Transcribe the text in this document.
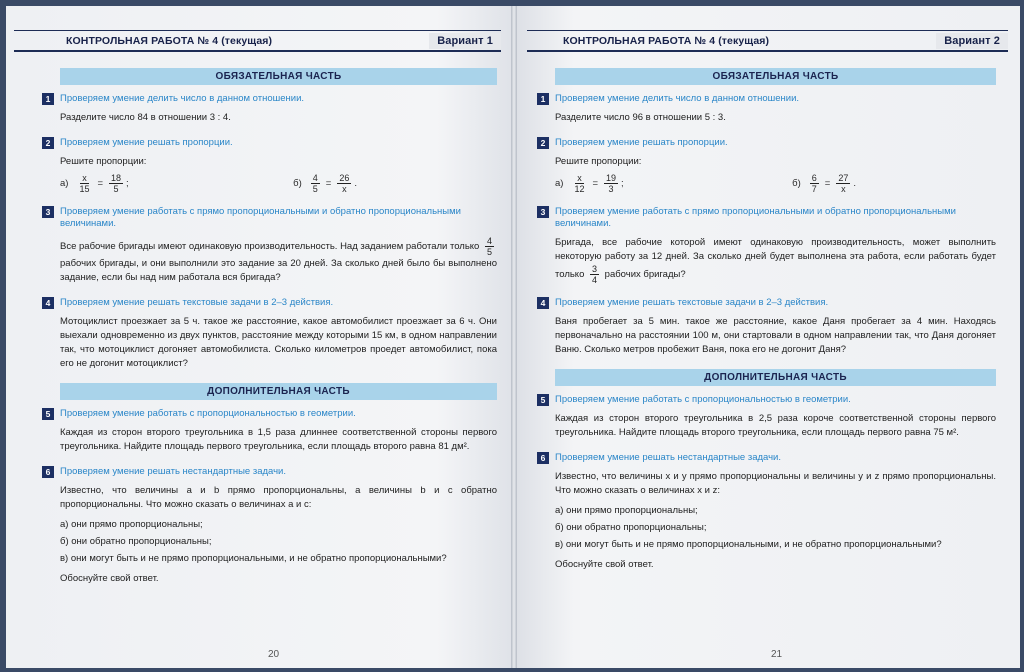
КОНТРОЛЬНАЯ РАБОТА № 4 (текущая)	Вариант 1
ОБЯЗАТЕЛЬНАЯ ЧАСТЬ
1	Проверяем умение делить число в данном отношении.
Разделите число 84 в отношении 3 : 4.
2	Проверяем умение решать пропорции.
Решите пропорции:
$а) \frac{x}{15} = \frac{18}{5}$ ;	$б) \frac{4}{5} = \frac{26}{x}$ .
3	Проверяем умение работать с прямо пропорциональными и обратно пропорциональными величинами.
Все рабочие бригады имеют одинаковую производительность. Над заданием работали только $\frac{4}{5}$
рабочих бригады, и они выполнили это задание за 20 дней. За сколько дней было бы выполнено задание, если бы над ним работала вся бригада?
4	Проверяем умение решать текстовые задачи в 2–3 действия.
Мотоциклист проезжает за 5 ч. такое же расстояние, какое автомобилист проезжает за 6 ч. Они выехали одновременно из двух пунктов, расстояние между которыми 15 км, в одном направлении так, что мотоциклист догоняет автомобилиста. Сколько километров проедет автомобилист, пока его не догонит мотоциклист?
ДОПОЛНИТЕЛЬНАЯ ЧАСТЬ
5	Проверяем умение работать с пропорциональностью в геометрии.
Каждая из сторон второго треугольника в 1,5 раза длиннее соответственной стороны первого треугольника. Найдите площадь первого треугольника, если площадь второго равна 81 дм².
6	Проверяем умение решать нестандартные задачи.
Известно, что величины a и b прямо пропорциональны, а величины b и c обратно пропорциональны. Что можно сказать о величинах a и c:
а) они прямо пропорциональны;
б) они обратно пропорциональны;
в) они могут быть и не прямо пропорциональными, и не обратно пропорциональными?
Обоснуйте свой ответ.
20
КОНТРОЛЬНАЯ РАБОТА № 4 (текущая)	Вариант 2
ОБЯЗАТЕЛЬНАЯ ЧАСТЬ
1	Проверяем умение делить число в данном отношении.
Разделите число 96 в отношении 5 : 3.
2	Проверяем умение решать пропорции.
Решите пропорции:
$а) \frac{x}{12} = \frac{19}{3}$ ;	$б) \frac{6}{7} = \frac{27}{x}$ .
3	Проверяем умение работать с прямо пропорциональными и обратно пропорциональными величинами.
Бригада, все рабочие которой имеют одинаковую производительность, может выполнить некоторую работу за 12 дней. За сколько дней будет выполнена эта работа, если работать будет только $\frac{3}{4}$ рабочих бригады?
4	Проверяем умение решать текстовые задачи в 2–3 действия.
Ваня пробегает за 5 мин. такое же расстояние, какое Даня пробегает за 4 мин. Находясь первоначально на расстоянии 100 м, они стартовали в одном направлении так, что Даня догоняет Ваню. Сколько метров пробежит Ваня, пока его не догонит Даня?
ДОПОЛНИТЕЛЬНАЯ ЧАСТЬ
5	Проверяем умение работать с пропорциональностью в геометрии.
Каждая из сторон второго треугольника в 2,5 раза короче соответственной стороны первого треугольника. Найдите площадь второго треугольника, если площадь первого равна 75 м².
6	Проверяем умение решать нестандартные задачи.
Известно, что величины x и y прямо пропорциональны и величины y и z прямо пропорциональны. Что можно сказать о величинах x и z:
а) они прямо пропорциональны;
б) они обратно пропорциональны;
в) они могут быть и не прямо пропорциональными, и не обратно пропорциональными?
Обоснуйте свой ответ.
21
